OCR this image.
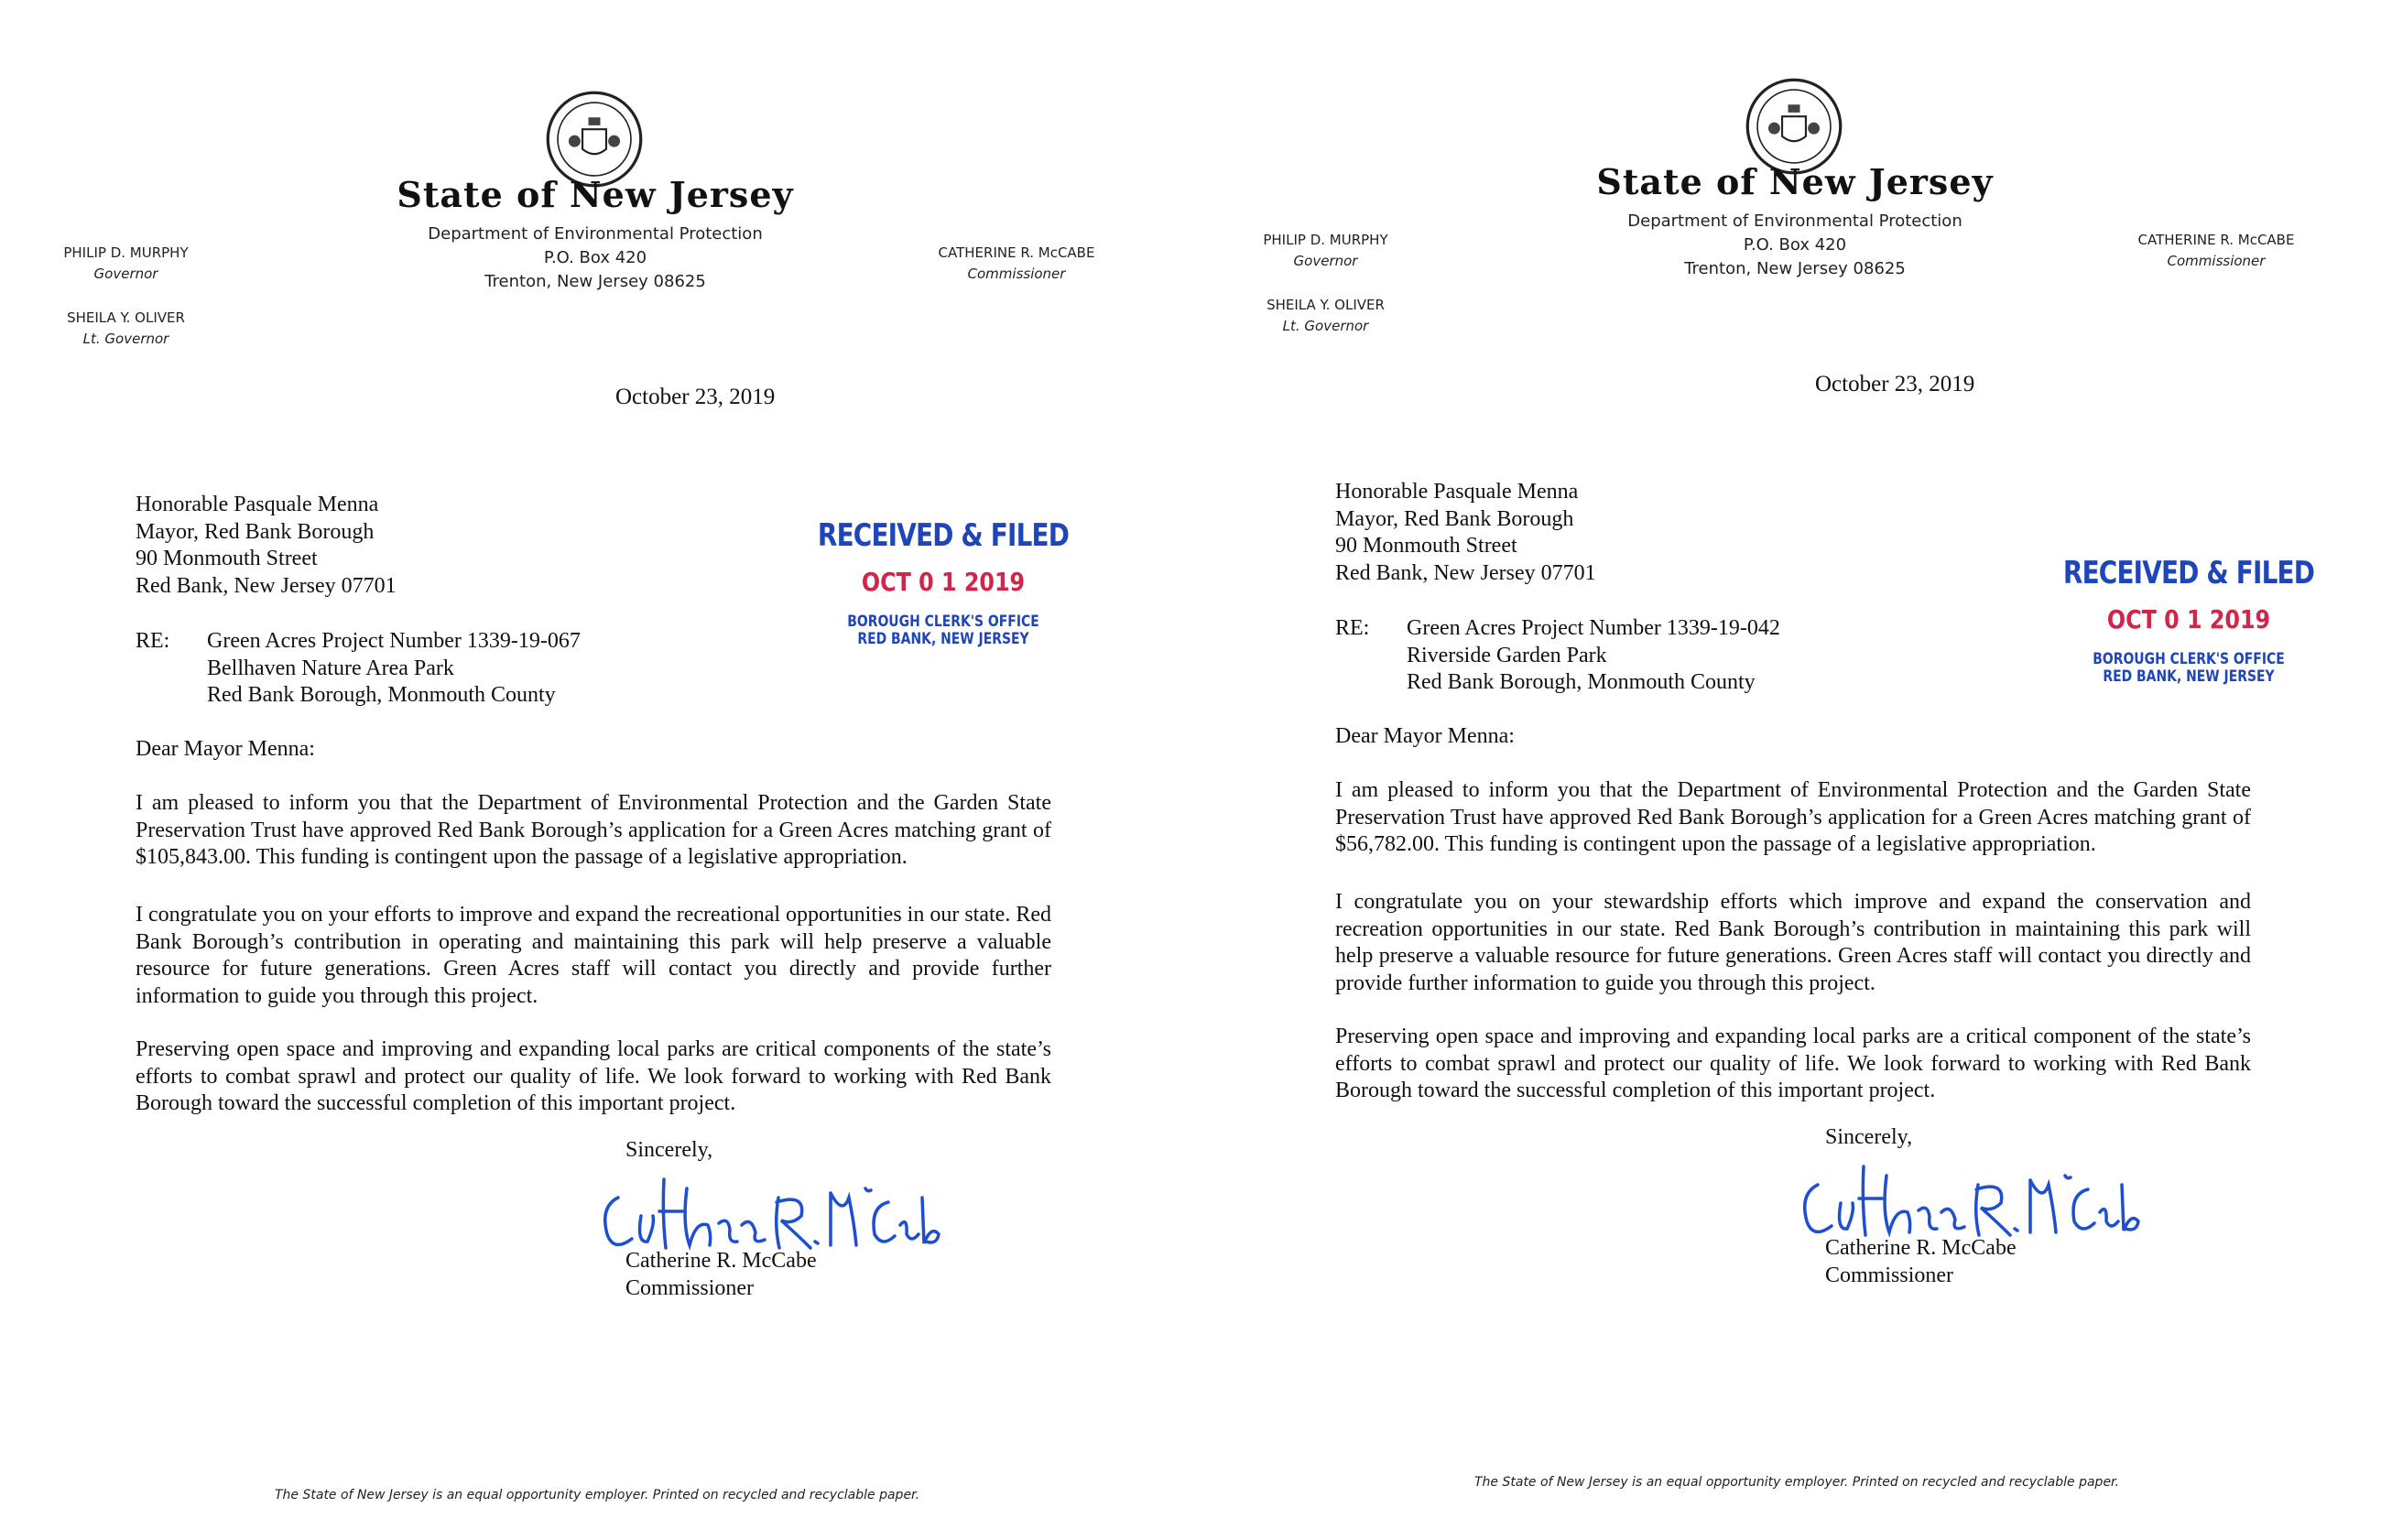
State of New Jersey
Department of Environmental Protection
P.O. Box 420
Trenton, New Jersey 08625
PHILIP D. MURPHY
Governor
SHEILA Y. OLIVER
Lt. Governor
CATHERINE R. McCABE
Commissioner
October 23, 2019
Honorable Pasquale Menna
Mayor, Red Bank Borough
90 Monmouth Street
Red Bank, New Jersey 07701
RECEIVED & FILED
OCT 0 1 2019
BOROUGH CLERK'S OFFICE
RED BANK, NEW JERSEY
RE: Green Acres Project Number 1339-19-067
Bellhaven Nature Area Park
Red Bank Borough, Monmouth County
Dear Mayor Menna:
I am pleased to inform you that the Department of Environmental Protection and the Garden State Preservation Trust have approved Red Bank Borough’s application for a Green Acres matching grant of $105,843.00. This funding is contingent upon the passage of a legislative appropriation.
I congratulate you on your efforts to improve and expand the recreational opportunities in our state. Red Bank Borough’s contribution in operating and maintaining this park will help preserve a valuable resource for future generations. Green Acres staff will contact you directly and provide further information to guide you through this project.
Preserving open space and improving and expanding local parks are critical components of the state’s efforts to combat sprawl and protect our quality of life. We look forward to working with Red Bank Borough toward the successful completion of this important project.
Sincerely,
Catherine R. McCabe
Commissioner
The State of New Jersey is an equal opportunity employer. Printed on recycled and recyclable paper.
State of New Jersey
Department of Environmental Protection
P.O. Box 420
Trenton, New Jersey 08625
PHILIP D. MURPHY
Governor
SHEILA Y. OLIVER
Lt. Governor
CATHERINE R. McCABE
Commissioner
October 23, 2019
Honorable Pasquale Menna
Mayor, Red Bank Borough
90 Monmouth Street
Red Bank, New Jersey 07701	RECEIVED & FILED
OCT 0 1 2019
BOROUGH CLERK'S OFFICE
RED BANK, NEW JERSEY
RE: Green Acres Project Number 1339-19-042
Riverside Garden Park
Red Bank Borough, Monmouth County
Dear Mayor Menna:
I am pleased to inform you that the Department of Environmental Protection and the Garden State Preservation Trust have approved Red Bank Borough’s application for a Green Acres matching grant of $56,782.00. This funding is contingent upon the passage of a legislative appropriation.
I congratulate you on your stewardship efforts which improve and expand the conservation and recreation opportunities in our state. Red Bank Borough’s contribution in maintaining this park will help preserve a valuable resource for future generations. Green Acres staff will contact you directly and provide further information to guide you through this project.
Preserving open space and improving and expanding local parks are a critical component of the state’s efforts to combat sprawl and protect our quality of life. We look forward to working with Red Bank Borough toward the successful completion of this important project.
Sincerely,
Catherine R. McCabe
Commissioner
The State of New Jersey is an equal opportunity employer. Printed on recycled and recyclable paper.
